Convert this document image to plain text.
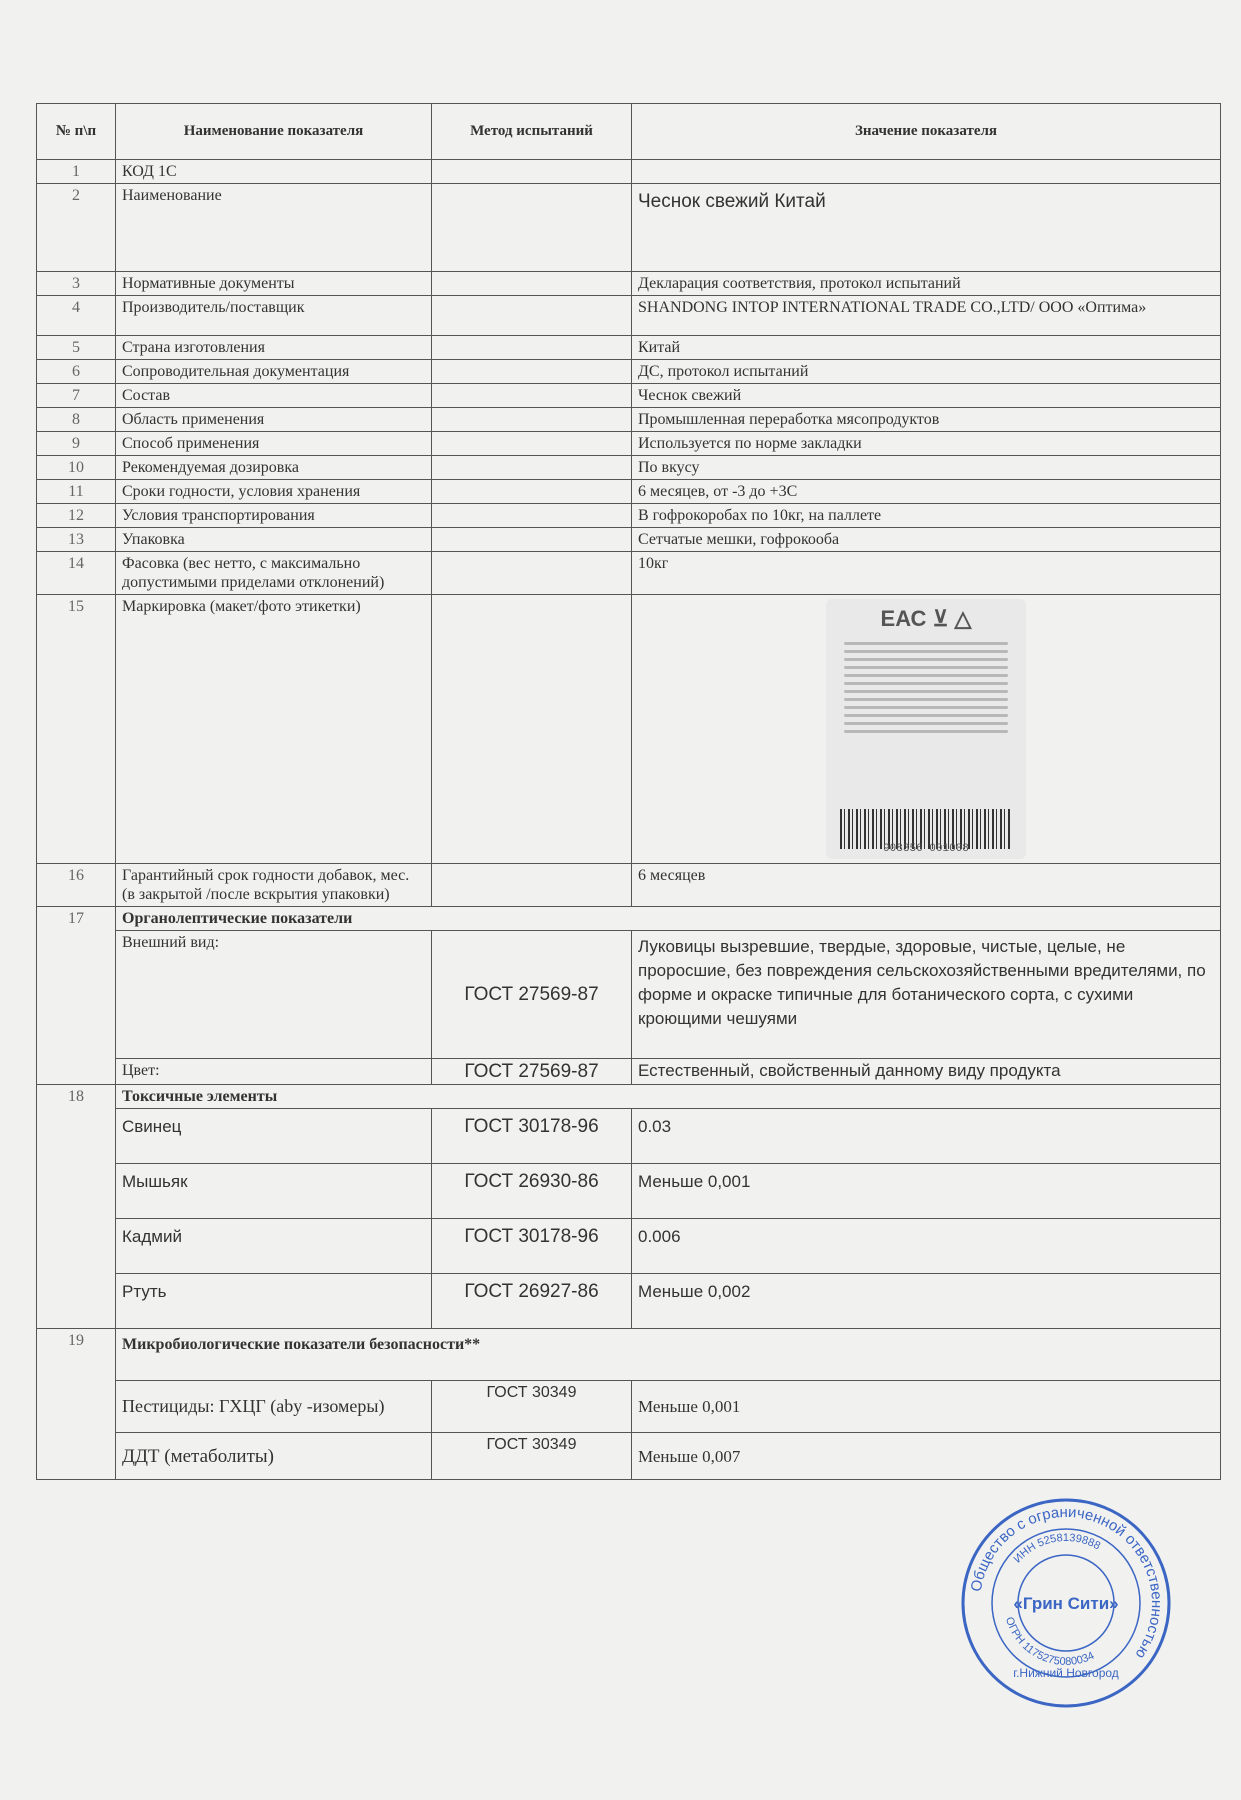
№ п\п	Наименование показателя	Метод испытаний	Значение показателя
1	КОД 1С		
2	Наименование		Чеснок свежий Китай
3	Нормативные документы		Декларация соответствия, протокол испытаний
4	Производитель/поставщик		SHANDONG INTOP INTERNATIONAL TRADE CO.,LTD/ ООО «Оптима»
5	Страна изготовления		Китай
6	Сопроводительная документация		ДС, протокол испытаний
7	Состав		Чеснок свежий
8	Область применения		Промышленная переработка мясопродуктов
9	Способ применения		Используется по норме закладки
10	Рекомендуемая дозировка		По вкусу
11	Сроки годности, условия хранения		6 месяцев, от -3 до +3С
12	Условия транспортирования		В гофрокоробах по 10кг, на паллете
13	Упаковка		Сетчатые мешки, гофрокооба
14	Фасовка (вес нетто, с максимально допустимыми приделами отклонений)		10кг
15	Маркировка (макет/фото этикетки)		ЕАС ⊻ △
908356 001008

16	Гарантийный срок годности добавок, мес. (в закрытой /после вскрытия упаковки)		6 месяцев
17	Органолептические показатели		
	Внешний вид:	ГОСТ 27569-87	Луковицы вызревшие, твердые, здоровые, чистые, целые, не проросшие, без повреждения сельскохозяйственными вредителями, по форме и окраске типичные для ботанического сорта, с сухими кроющими чешуями
	Цвет:	ГОСТ 27569-87	Естественный, свойственный данному виду продукта
18	Токсичные элементы		
	Свинец	ГОСТ 30178-96	0.03
	Мышьяк	ГОСТ 26930-86	Меньше 0,001
	Кадмий	ГОСТ 30178-96	0.006
	Ртуть	ГОСТ 26927-86	Меньше 0,002
19	Микробиологические показатели безопасности**		
	Пестициды: ГХЦГ (abу -изомеры)	ГОСТ 30349	Меньше 0,001
	ДДТ (метаболиты)	ГОСТ 30349	Меньше 0,007
Общество с ограниченной ответственностью
ИНН 5258139888
ОГРН 1175275080034
г.Нижний Новгород
«Грин Сити»
